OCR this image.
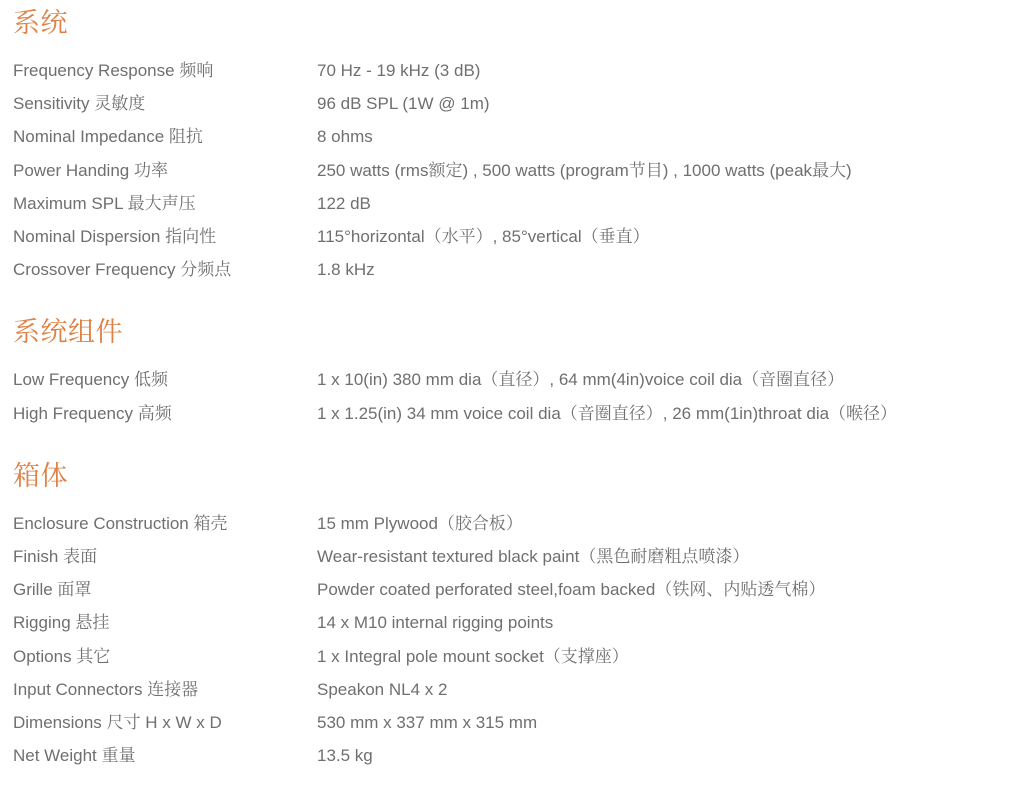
系统
Frequency Response 频响	70 Hz - 19 kHz (3 dB)
Sensitivity 灵敏度	96 dB SPL (1W @ 1m)
Nominal Impedance 阻抗	8 ohms
Power Handing 功率	250 watts (rms额定) , 500 watts (program节目) , 1000 watts (peak最大)
Maximum SPL 最大声压	122 dB
Nominal Dispersion 指向性	115°horizontal（水平）, 85°vertical（垂直）
Crossover Frequency 分频点	1.8 kHz
系统组件
Low Frequency 低频	1 x 10(in) 380 mm dia（直径）, 64 mm(4in)voice coil dia（音圈直径）
High Frequency 高频	1 x 1.25(in) 34 mm voice coil dia（音圈直径）, 26 mm(1in)throat dia（喉径）
箱体
Enclosure Construction 箱壳	15 mm Plywood（胶合板）
Finish 表面	Wear-resistant textured black paint（黑色耐磨粗点喷漆）
Grille 面罩	Powder coated perforated steel,foam backed（铁网、内贴透气棉）
Rigging 悬挂	14 x M10 internal rigging points
Options 其它	1 x Integral pole mount socket（支撑座）
Input Connectors 连接器	Speakon NL4 x 2
Dimensions 尺寸 H x W x D	530 mm x 337 mm x 315 mm
Net Weight 重量	13.5 kg
